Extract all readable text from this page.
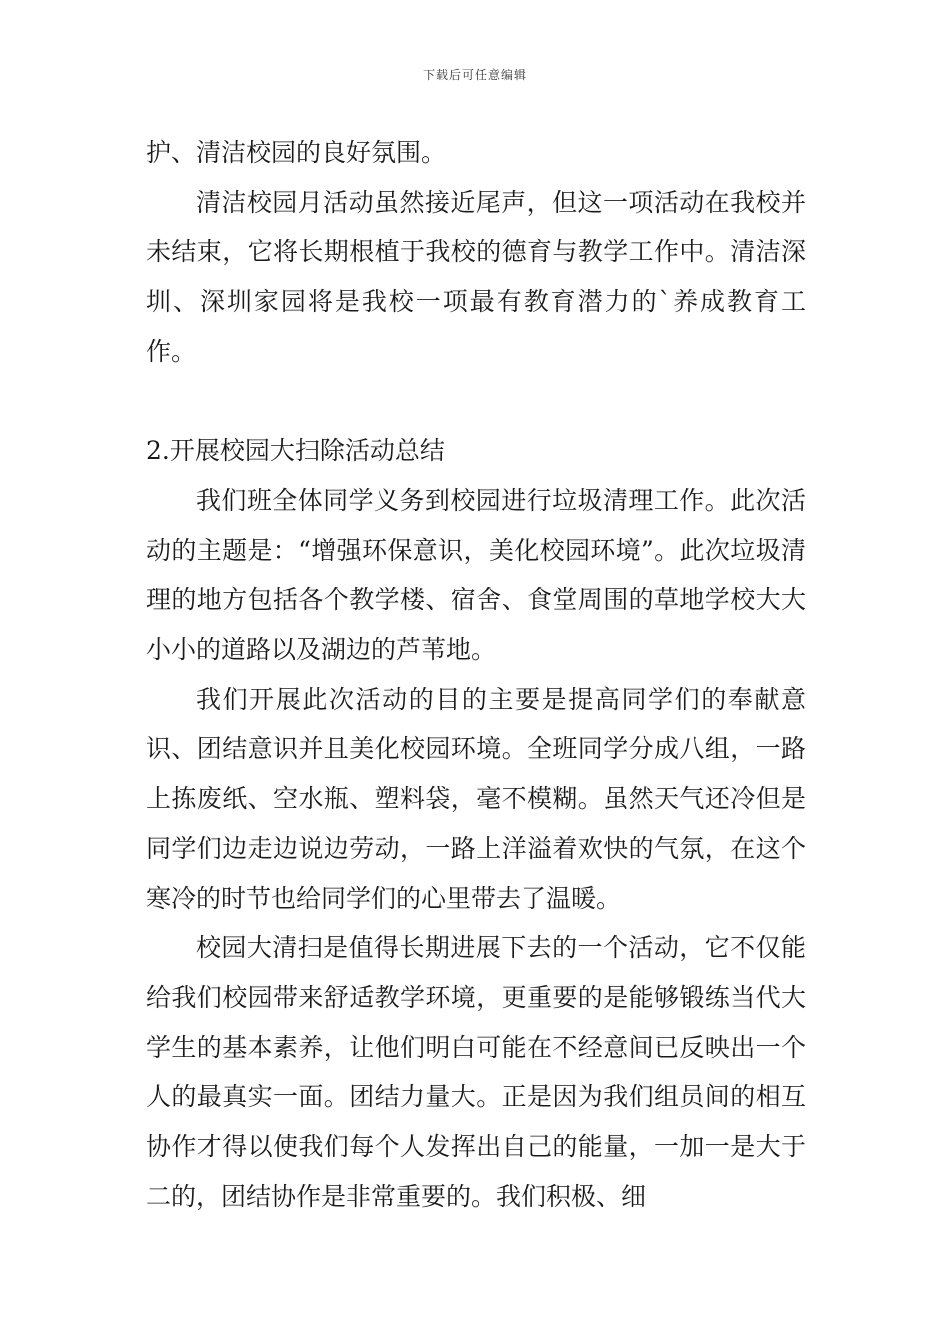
下载后可任意编辑

护、清洁校园的良好氛围。

清洁校园月活动虽然接近尾声，但这一项活动在我校并未结束，它将长期根植于我校的德育与教学工作中。清洁深圳、深圳家园将是我校一项最有教育潜力的`养成教育工作。

2.开展校园大扫除活动总结

我们班全体同学义务到校园进行垃圾清理工作。此次活动的主题是：“增强环保意识，美化校园环境”。此次垃圾清理的地方包括各个教学楼、宿舍、食堂周围的草地学校大大小小的道路以及湖边的芦苇地。

我们开展此次活动的目的主要是提高同学们的奉献意识、团结意识并且美化校园环境。全班同学分成八组，一路上拣废纸、空水瓶、塑料袋，毫不模糊。虽然天气还冷但是同学们边走边说边劳动，一路上洋溢着欢快的气氛，在这个寒冷的时节也给同学们的心里带去了温暖。

校园大清扫是值得长期进展下去的一个活动，它不仅能给我们校园带来舒适教学环境，更重要的是能够锻练当代大学生的基本素养，让他们明白可能在不经意间已反映出一个人的最真实一面。团结力量大。正是因为我们组员间的相互协作才得以使我们每个人发挥出自己的能量，一加一是大于二的，团结协作是非常重要的。我们积极、细
